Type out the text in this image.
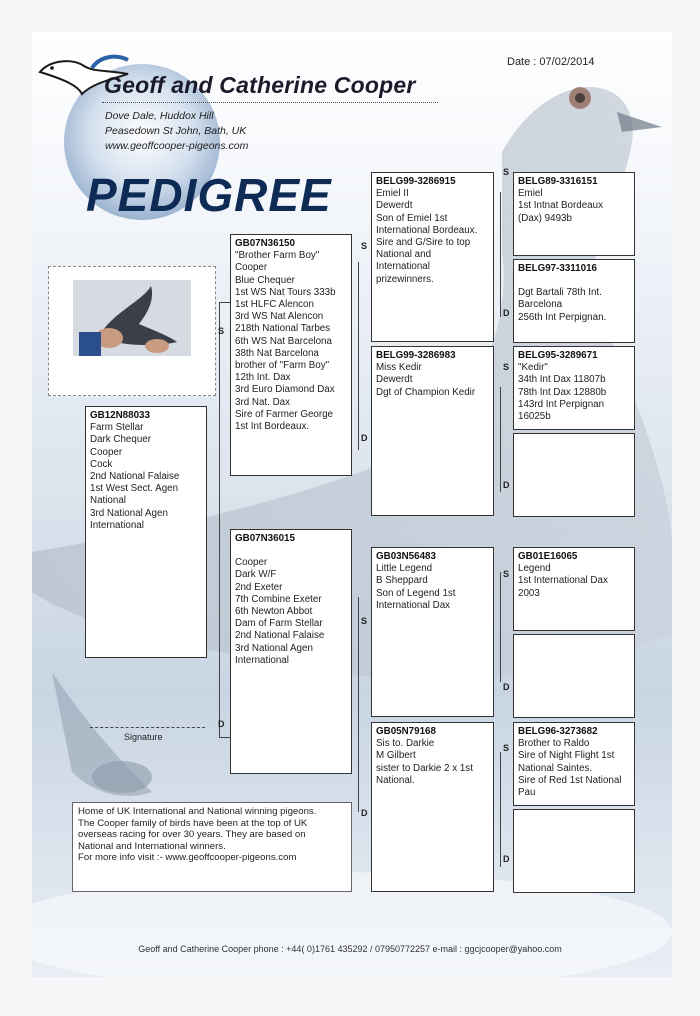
Geoff and Catherine Cooper
Dove Dale, Huddox Hill
Peasedown St John, Bath, UK
www.geoffcooper-pigeons.com
Date : 07/02/2014
PEDIGREE
S
D
S
D
S
D
S
D
S
D
S
D
S
D
GB12N88033
Farm Stellar
Dark Chequer
Cooper
Cock
2nd National Falaise
1st West Sect. Agen
National
3rd National Agen
International
GB07N36150
"Brother Farm Boy"
Cooper
Blue Chequer
1st WS Nat Tours 333b
1st HLFC Alencon
3rd WS Nat Alencon
218th National Tarbes
6th WS Nat Barcelona
38th Nat Barcelona
brother of "Farm Boy"
12th Int. Dax
3rd Euro Diamond Dax
3rd Nat. Dax
Sire of Farmer George
1st Int Bordeaux.
GB07N36015
Cooper
Dark W/F
2nd Exeter
7th Combine Exeter
6th Newton Abbot
Dam of Farm Stellar
2nd National Falaise
3rd National Agen
International
BELG99-3286915
Emiel II
Dewerdt
Son of Emiel 1st
International Bordeaux.
Sire and G/Sire to top
National and
International
prizewinners.
BELG99-3286983
Miss Kedir
Dewerdt
Dgt of Champion Kedir
GB03N56483
Little Legend
B Sheppard
Son of Legend 1st
International Dax
GB05N79168
Sis to. Darkie
M Gilbert
sister to Darkie 2 x 1st
National.
BELG89-3316151
Emiel
1st Intnat Bordeaux
(Dax) 9493b
BELG97-3311016
Dgt Bartali 78th Int.
Barcelona
256th Int Perpignan.
BELG95-3289671
"Kedir"
34th Int Dax 11807b
78th Int Dax 12880b
143rd Int Perpignan
16025b
GB01E16065
Legend
1st International Dax
2003
BELG96-3273682
Brother to Raldo
Sire of Night Flight 1st
National Saintes.
Sire of Red 1st National
Pau
Signature
Home of UK International and National winning pigeons.
The Cooper family of birds have been at the top of UK
overseas racing for over 30 years. They are based on
National and International winners.
For more info visit :- www.geoffcooper-pigeons.com
Geoff and Catherine Cooper phone : +44( 0)1761 435292 / 07950772257 e-mail : ggcjcooper@yahoo.com
